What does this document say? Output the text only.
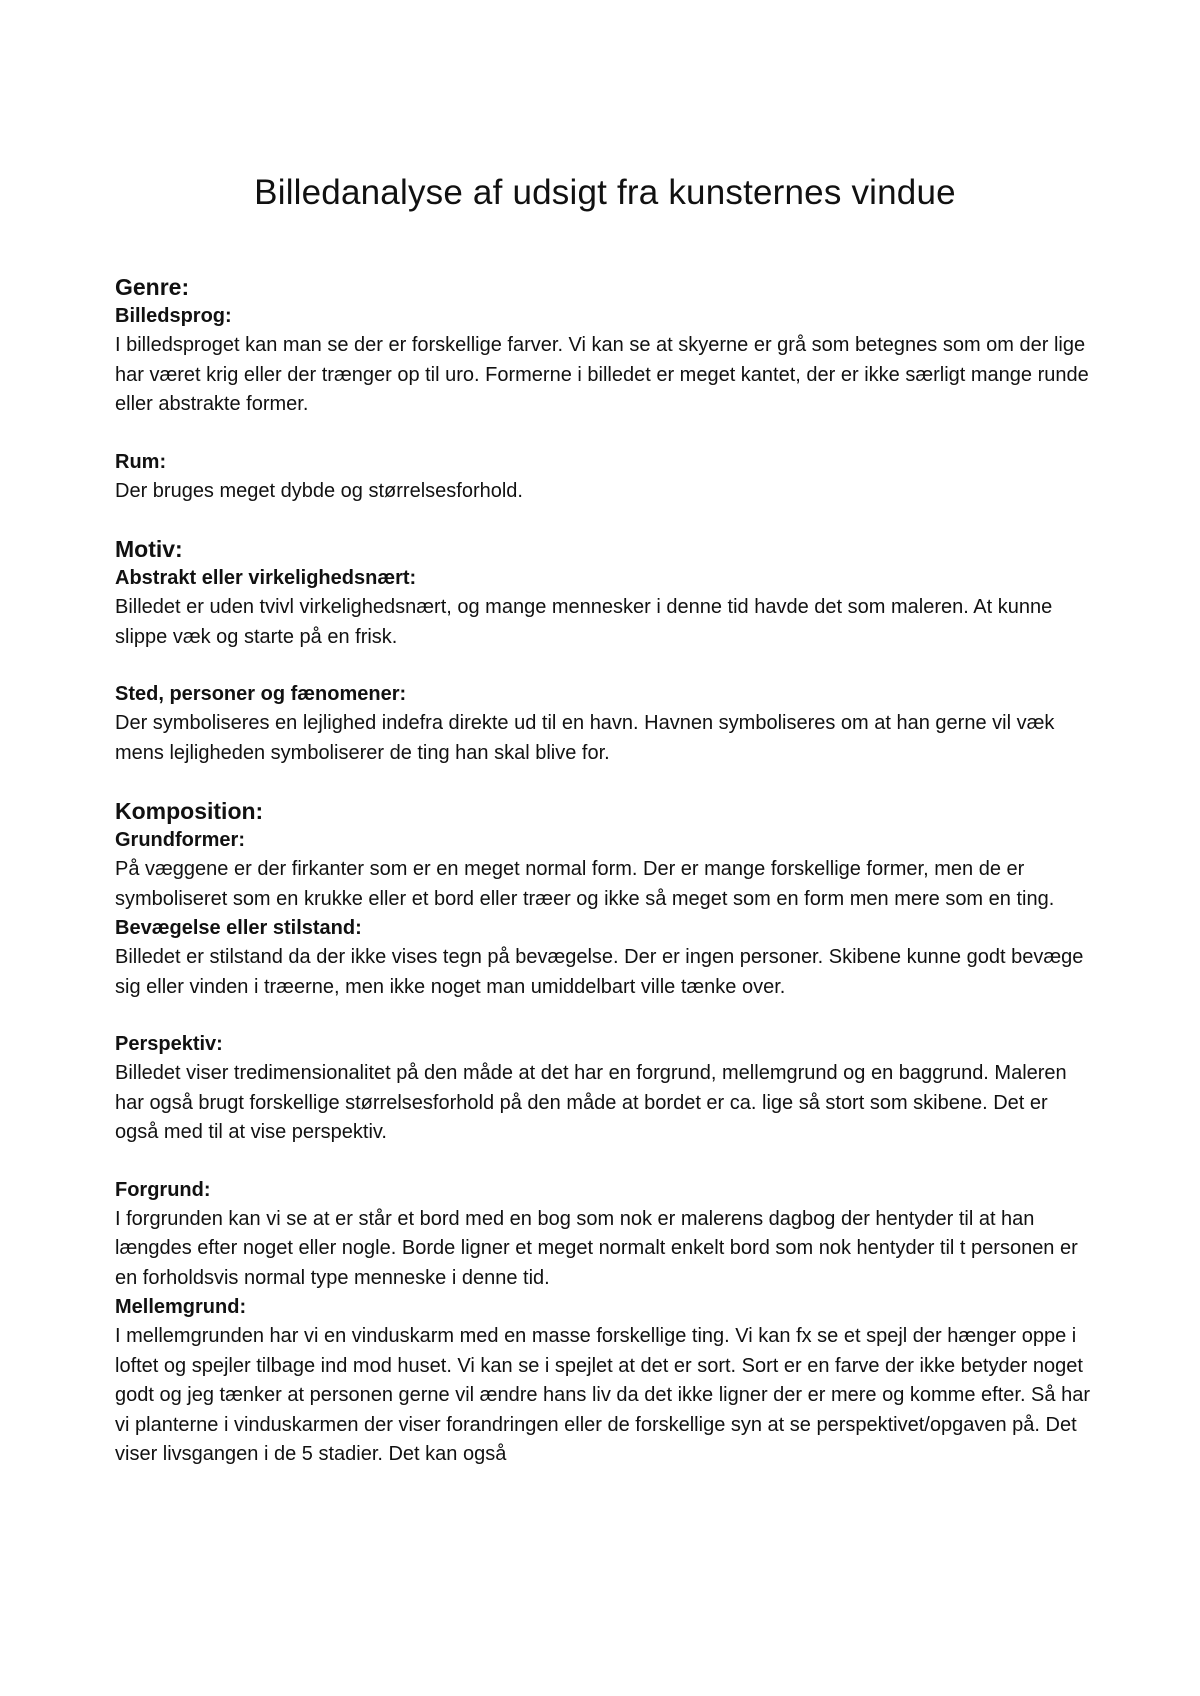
Billedanalyse af udsigt fra kunsternes vindue
Genre:
Billedsprog:
I billedsproget kan man se der er forskellige farver. Vi kan se at skyerne er grå som betegnes som om der lige har været krig eller der trænger op til uro. Formerne i billedet er meget kantet, der er ikke særligt mange runde eller abstrakte former.
Rum:
Der bruges meget dybde og størrelsesforhold.
Motiv:
Abstrakt eller virkelighedsnært:
Billedet er uden tvivl virkelighedsnært, og mange mennesker i denne tid havde det som maleren. At kunne slippe væk og starte på en frisk.
Sted, personer og fænomener:
Der symboliseres en lejlighed indefra direkte ud til en havn. Havnen symboliseres om at han gerne vil væk mens lejligheden symboliserer de ting han skal blive for.
Komposition:
Grundformer:
På væggene er der firkanter som er en meget normal form. Der er mange forskellige former, men de er symboliseret som en krukke eller et bord eller træer og ikke så meget som en form men mere som en ting.
Bevægelse eller stilstand:
Billedet er stilstand da der ikke vises tegn på bevægelse. Der er ingen personer. Skibene kunne godt bevæge sig eller vinden i træerne, men ikke noget man umiddelbart ville tænke over.
Perspektiv:
Billedet viser tredimensionalitet på den måde at det har en forgrund, mellemgrund og en baggrund. Maleren har også brugt forskellige størrelsesforhold på den måde at bordet er ca. lige så stort som skibene. Det er også med til at vise perspektiv.
Forgrund:
I forgrunden kan vi se at er står et bord med en bog som nok er malerens dagbog der hentyder til at han længdes efter noget eller nogle. Borde ligner et meget normalt enkelt bord som nok hentyder til t personen er en forholdsvis normal type menneske i denne tid.
Mellemgrund:
I mellemgrunden har vi en vinduskarm med en masse forskellige ting. Vi kan fx se et spejl der hænger oppe i loftet og spejler tilbage ind mod huset. Vi kan se i spejlet at det er sort. Sort er en farve der ikke betyder noget godt og jeg tænker at personen gerne vil ændre hans liv da det ikke ligner der er mere og komme efter. Så har vi planterne i vinduskarmen der viser forandringen eller de forskellige syn at se perspektivet/opgaven på. Det viser livsgangen i de 5 stadier. Det kan også
